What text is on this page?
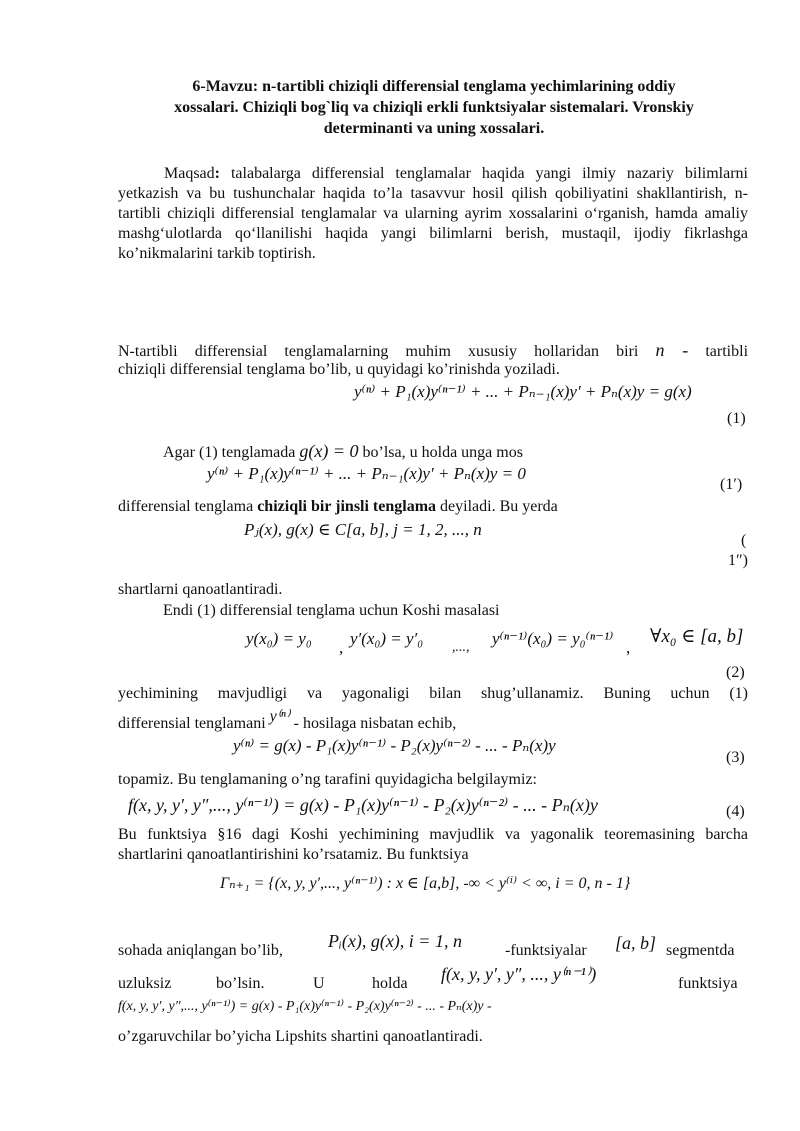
6-Mavzu: n-tartibli chiziqli differensial tenglama yechimlarining oddiy
xossalari. Chiziqli bog`liq va chiziqli erkli funktsiyalar sistemalari. Vronskiy
determinanti va uning xossalari.
Maqsad: talabalarga differensial tenglamalar haqida yangi ilmiy nazariy bilimlarni yetkazish va bu tushunchalar haqida to’la tasavvur hosil qilish qobiliyatini shakllantirish, n-tartibli chiziqli differensial tenglamalar va ularning ayrim xossalarini o‘rganish, hamda amaliy mashg‘ulotlarda qo‘llanilishi haqida yangi bilimlarni berish, mustaqil, ijodiy fikrlashga ko’nikmalarini tarkib toptirish.
N-tartibli differensial tenglamalarning muhim xususiy hollaridan biri n - tartibli
chiziqli differensial tenglama bo’lib, u quyidagi ko’rinishda yoziladi.
y⁽ⁿ⁾ + P₁(x)y⁽ⁿ⁻¹⁾ + ... + Pₙ₋₁(x)y′ + Pₙ(x)y = g(x)
(1)
Agar (1) tenglamada g(x) = 0 bo’lsa, u holda unga mos
y⁽ⁿ⁾ + P₁(x)y⁽ⁿ⁻¹⁾ + ... + Pₙ₋₁(x)y′ + Pₙ(x)y = 0
(1′)
differensial tenglama chiziqli bir jinsli tenglama deyiladi. Bu yerda
Pⱼ(x), g(x) ∈ C[a, b], j = 1, 2, ..., n
(
1″)
shartlarni qanoatlantiradi.
Endi (1) differensial tenglama uchun Koshi masalasi
y(x₀) = y₀ , y′(x₀) = y′₀ ,..., y⁽ⁿ⁻¹⁾(x₀) = y₀⁽ⁿ⁻¹⁾ ,
∀x₀ ∈ [a, b]
(2)
yechimining mavjudligi va yagonaligi bilan shug’ullanamiz. Buning uchun (1)
differensial tenglamani y⁽ⁿ⁾ - hosilaga nisbatan echib,
y⁽ⁿ⁾ = g(x) - P₁(x)y⁽ⁿ⁻¹⁾ - P₂(x)y⁽ⁿ⁻²⁾ - ... - Pₙ(x)y
(3)
topamiz. Bu tenglamaning o’ng tarafini quyidagicha belgilaymiz:
f(x, y, y′, y″,..., y⁽ⁿ⁻¹⁾) = g(x) - P₁(x)y⁽ⁿ⁻¹⁾ - P₂(x)y⁽ⁿ⁻²⁾ - ... - Pₙ(x)y	(4)
Bu funktsiya §16 dagi Koshi yechimining mavjudlik va yagonalik teoremasining barcha shartlarini qanoatlantirishini ko’rsatamiz. Bu funktsiya
Γₙ₊₁ = {(x, y, y′,..., y⁽ⁿ⁻¹⁾) : x ∈ [a,b], -∞ < y⁽ⁱ⁾ < ∞, i = 0, n - 1}
sohada aniqlangan bo’lib,	Pᵢ(x), g(x), i = 1, n	-funktsiyalar [a, b] segmentda
uzluksiz	bo’lsin.	U	holda f(x, y, y′, y″, ..., y⁽ⁿ⁻¹⁾)	funktsiya
f(x, y, y′, y″,..., y⁽ⁿ⁻¹⁾) = g(x) - P₁(x)y⁽ⁿ⁻¹⁾ - P₂(x)y⁽ⁿ⁻²⁾ - ... - Pₙ(x)y -
o’zgaruvchilar bo’yicha Lipshits shartini qanoatlantiradi.
